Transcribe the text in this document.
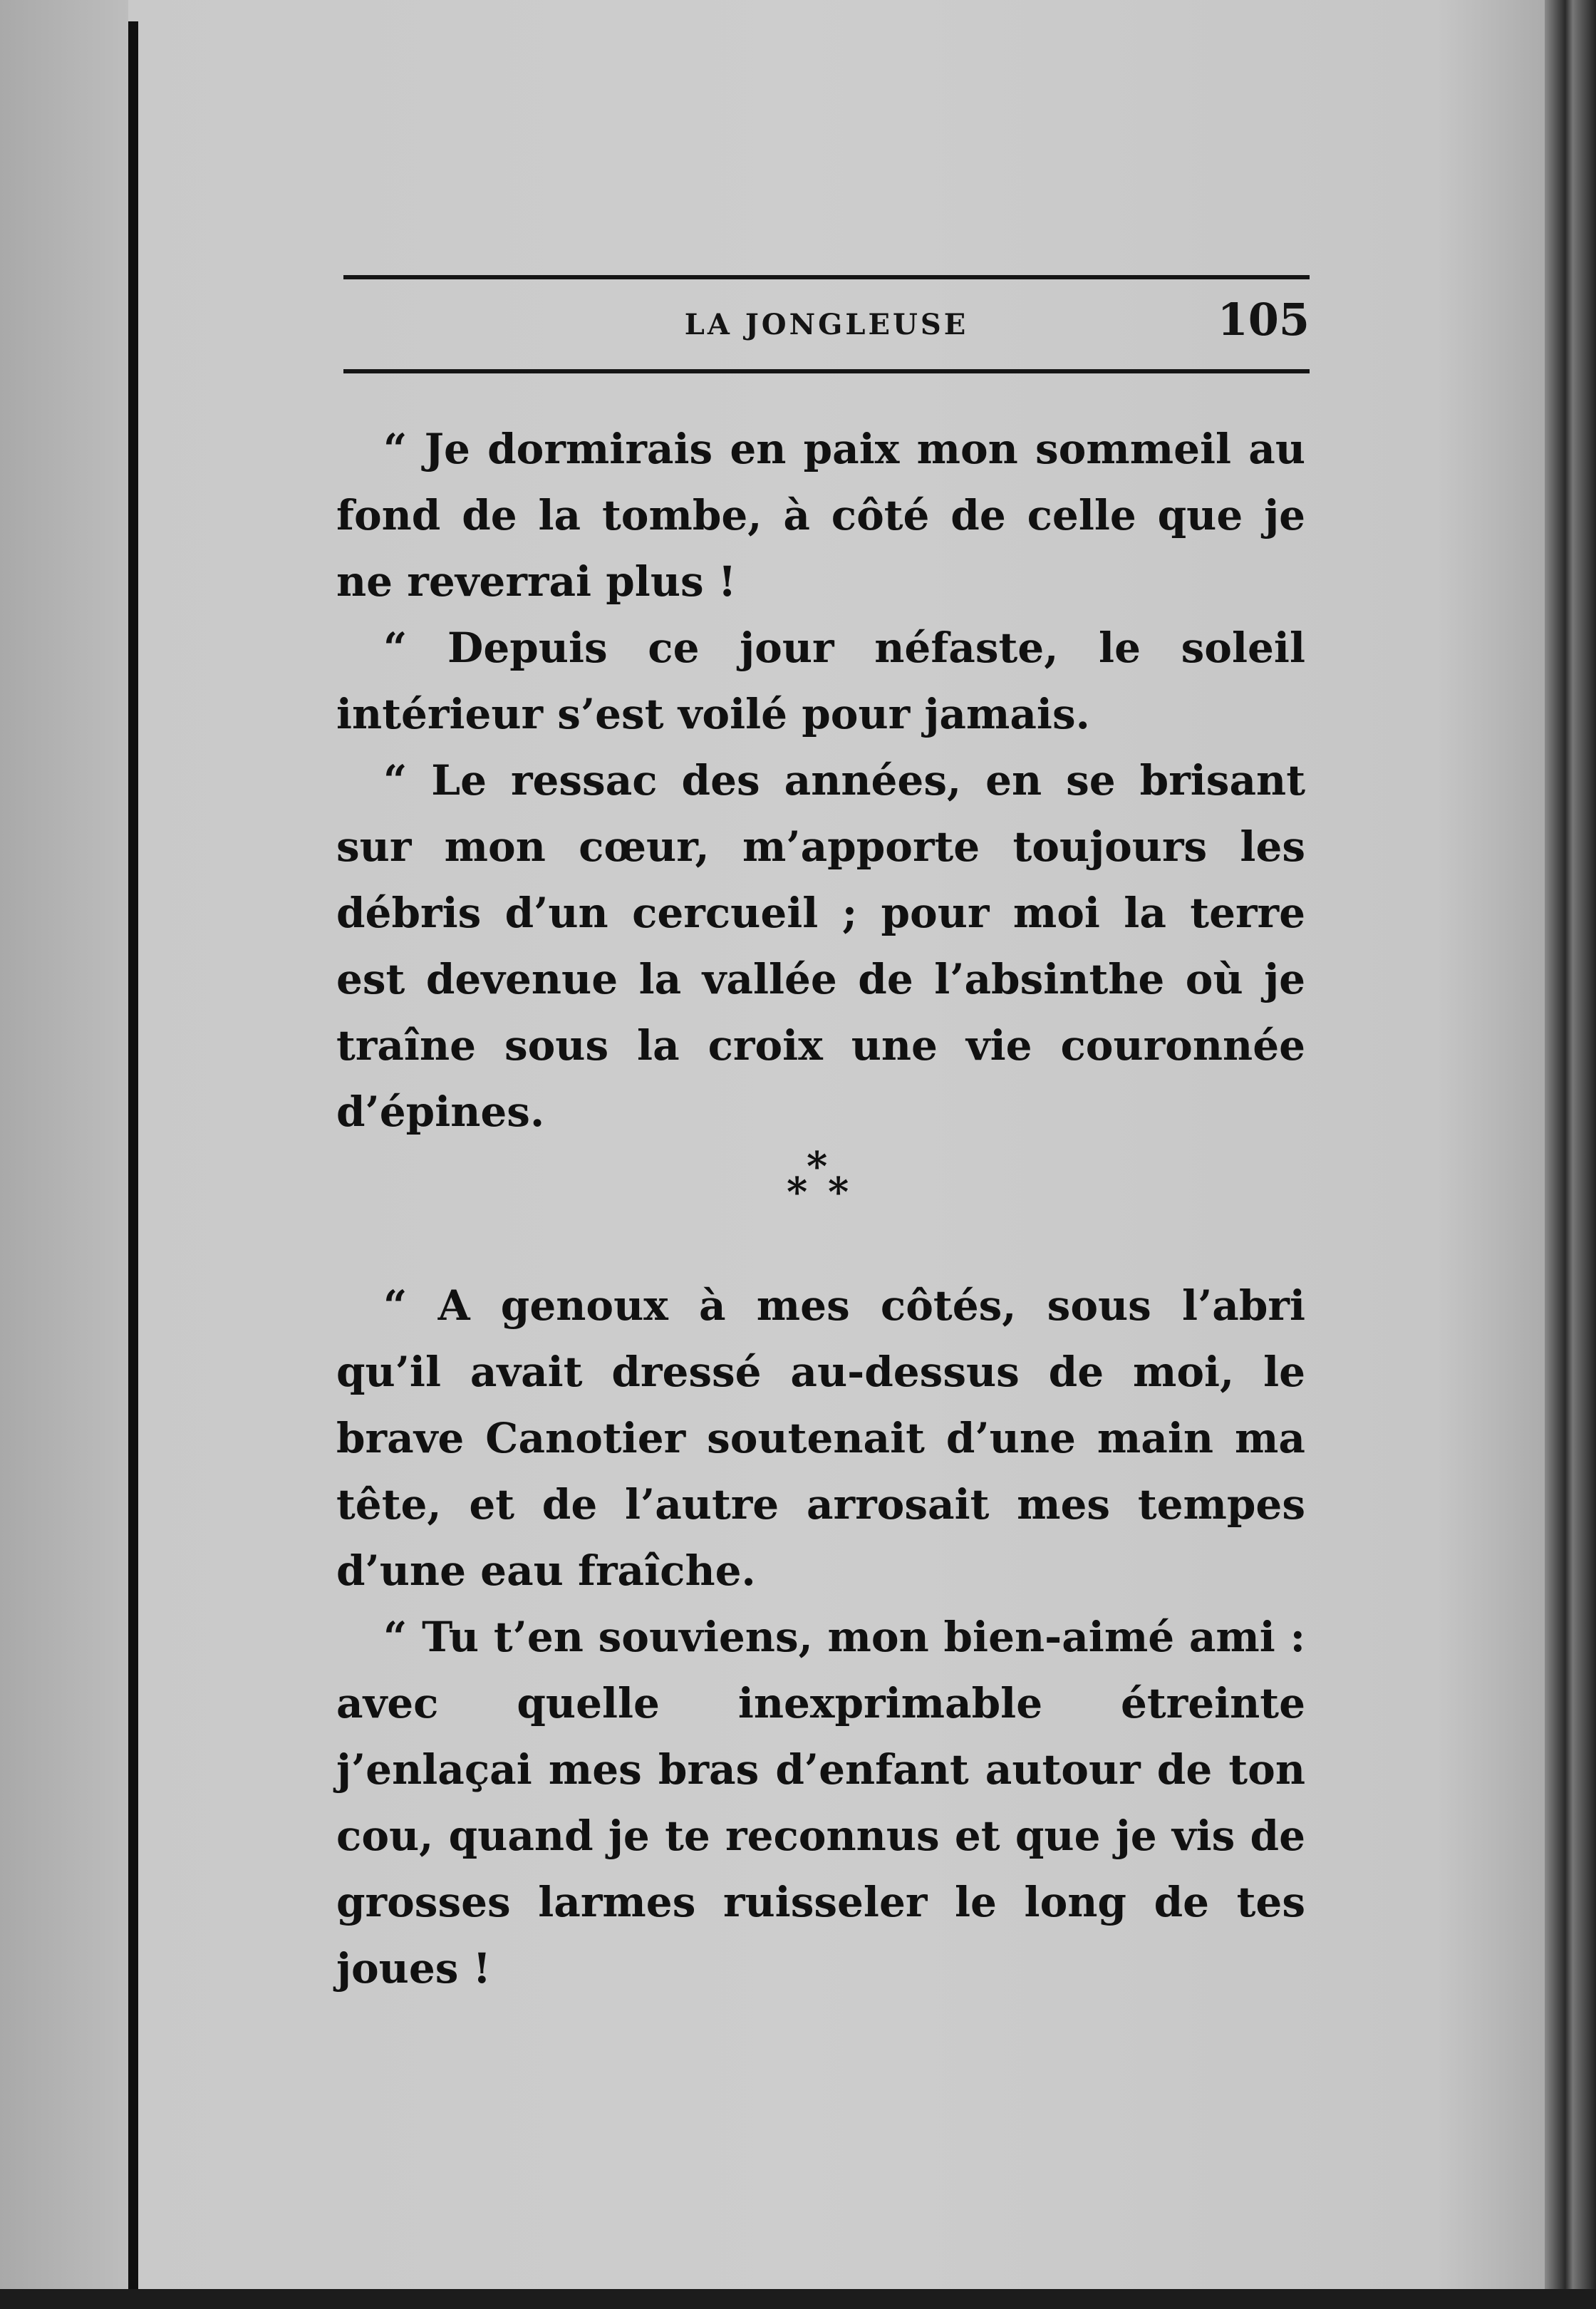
LA JONGLEUSE	105

“ Je dormirais en paix mon sommeil au fond de la tombe, à côté de celle que je ne reverrai plus !

“ Depuis ce jour néfaste, le soleil intérieur s’est voilé pour jamais.

“ Le ressac des années, en se brisant sur mon cœur, m’apporte toujours les débris d’un cercueil ; pour moi la terre est devenue la vallée de l’absinthe où je traîne sous la croix une vie couronnée d’épines.

*
* *

“ A genoux à mes côtés, sous l’abri qu’il avait dressé au-dessus de moi, le brave Canotier soutenait d’une main ma tête, et de l’autre arrosait mes tempes d’une eau fraîche.

“ Tu t’en souviens, mon bien-aimé ami : avec quelle inexprimable étreinte j’enlaçai mes bras d’enfant autour de ton cou, quand je te reconnus et que je vis de grosses larmes ruisseler le long de tes joues !
